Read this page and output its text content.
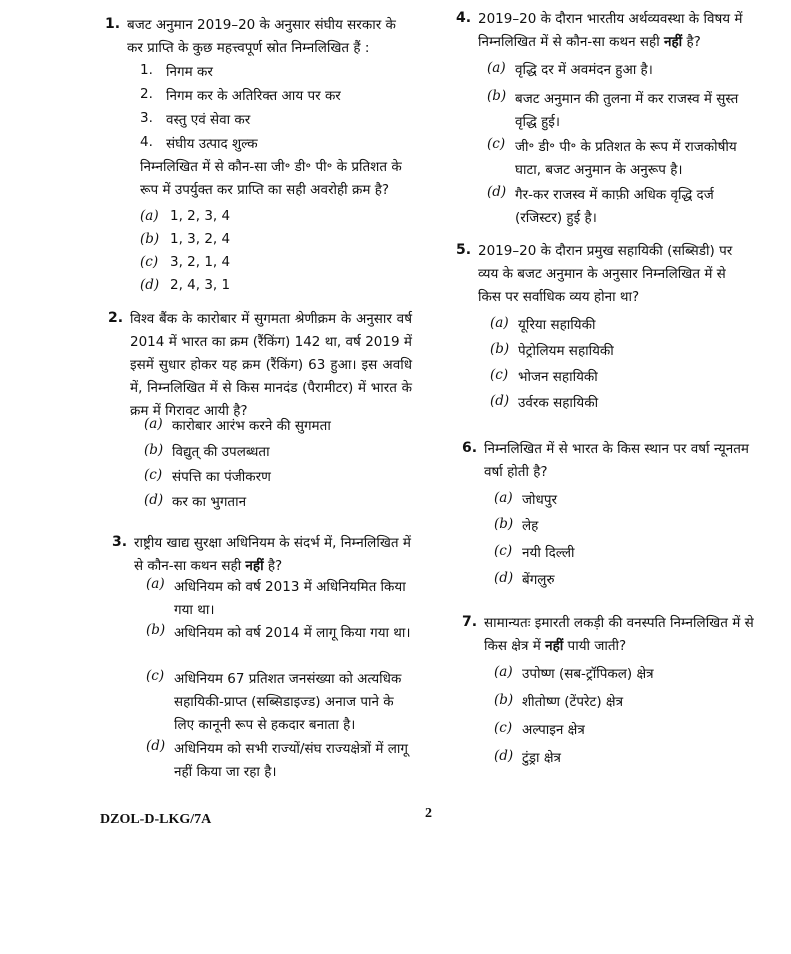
1. बजट अनुमान 2019–20 के अनुसार संघीय सरकार के कर प्राप्ति के कुछ महत्त्वपूर्ण स्रोत निम्नलिखित हैं :
1. निगम कर
2. निगम कर के अतिरिक्त आय पर कर
3. वस्तु एवं सेवा कर
4. संघीय उत्पाद शुल्क
निम्नलिखित में से कौन-सा जी॰ डी॰ पी॰ के प्रतिशत के रूप में उपर्युक्त कर प्राप्ति का सही अवरोही क्रम है?
(a) 1, 2, 3, 4
(b) 1, 3, 2, 4
(c) 3, 2, 1, 4
(d) 2, 4, 3, 1
2. विश्व बैंक के कारोबार में सुगमता श्रेणीक्रम के अनुसार वर्ष 2014 में भारत का क्रम (रैंकिंग) 142 था, वर्ष 2019 में इसमें सुधार होकर यह क्रम (रैंकिंग) 63 हुआ। इस अवधि में, निम्नलिखित में से किस मानदंड (पैरामीटर) में भारत के क्रम में गिरावट आयी है?
(a) कारोबार आरंभ करने की सुगमता
(b) विद्युत् की उपलब्धता
(c) संपत्ति का पंजीकरण
(d) कर का भुगतान
3. राष्ट्रीय खाद्य सुरक्षा अधिनियम के संदर्भ में, निम्नलिखित में से कौन-सा कथन सही नहीं है?
(a) अधिनियम को वर्ष 2013 में अधिनियमित किया गया था।
(b) अधिनियम को वर्ष 2014 में लागू किया गया था।
(c) अधिनियम 67 प्रतिशत जनसंख्या को अत्यधिक सहायिकी-प्राप्त (सब्सिडाइज्ड) अनाज पाने के लिए कानूनी रूप से हकदार बनाता है।
(d) अधिनियम को सभी राज्यों/संघ राज्यक्षेत्रों में लागू नहीं किया जा रहा है।
4. 2019–20 के दौरान भारतीय अर्थव्यवस्था के विषय में निम्नलिखित में से कौन-सा कथन सही नहीं है?
(a) वृद्धि दर में अवमंदन हुआ है।
(b) बजट अनुमान की तुलना में कर राजस्व में सुस्त वृद्धि हुई।
(c) जी॰ डी॰ पी॰ के प्रतिशत के रूप में राजकोषीय घाटा, बजट अनुमान के अनुरूप है।
(d) गैर-कर राजस्व में काफ़ी अधिक वृद्धि दर्ज (रजिस्टर) हुई है।
5. 2019–20 के दौरान प्रमुख सहायिकी (सब्सिडी) पर व्यय के बजट अनुमान के अनुसार निम्नलिखित में से किस पर सर्वाधिक व्यय होना था?
(a) यूरिया सहायिकी
(b) पेट्रोलियम सहायिकी
(c) भोजन सहायिकी
(d) उर्वरक सहायिकी
6. निम्नलिखित में से भारत के किस स्थान पर वर्षा न्यूनतम वर्षा होती है?
(a) जोधपुर
(b) लेह
(c) नयी दिल्ली
(d) बेंगलुरु
7. सामान्यतः इमारती लकड़ी की वनस्पति निम्नलिखित में से किस क्षेत्र में नहीं पायी जाती?
(a) उपोष्ण (सब-ट्रॉपिकल) क्षेत्र
(b) शीतोष्ण (टेंपरेट) क्षेत्र
(c) अल्पाइन क्षेत्र
(d) टुंड्रा क्षेत्र
DZOL-D-LKG/7A	2
